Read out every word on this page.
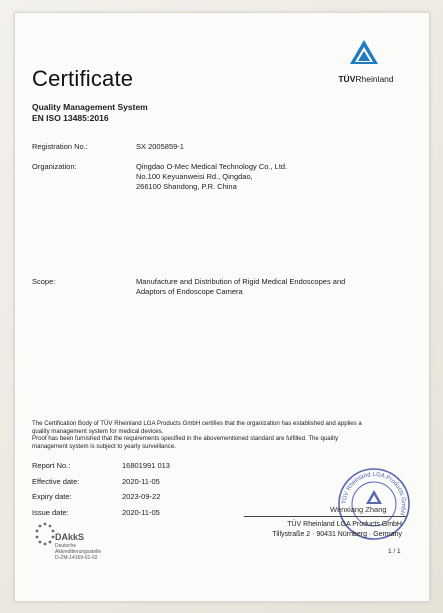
Certificate	TÜVRheinland
Quality Management System
EN ISO 13485:2016
Registration No.:	SX 2005859-1
Organization:	Qingdao O-Mec Medical Technology Co., Ltd.
No.100 Keyuanweisi Rd., Qingdao,
266100 Shandong, P.R. China
Scope:	Manufacture and Distribution of Rigid Medical Endoscopes and
Adaptors of Endoscope Camera
The Certification Body of TÜV Rheinland LGA Products GmbH certifies that the organization has established and applies a
quality management system for medical devices.
Proof has been furnished that the requirements specified in the abovementioned standard are fulfilled. The quality
management system is subject to yearly surveillance.
Report No.:	16801991 013
Effective date:	2020-11-05
Expiry date:	2023-09-22
Issue date:	2020-11-05
TÜV Rheinland LGA Products GmbH
Wenxiang Zhang
TÜV Rheinland LGA Products GmbH
Tillystraße 2 · 90431 Nürnberg · Germany
1 / 1
DAkkS
Deutsche
Akkreditierungsstelle
D-ZM-14169-01-02
